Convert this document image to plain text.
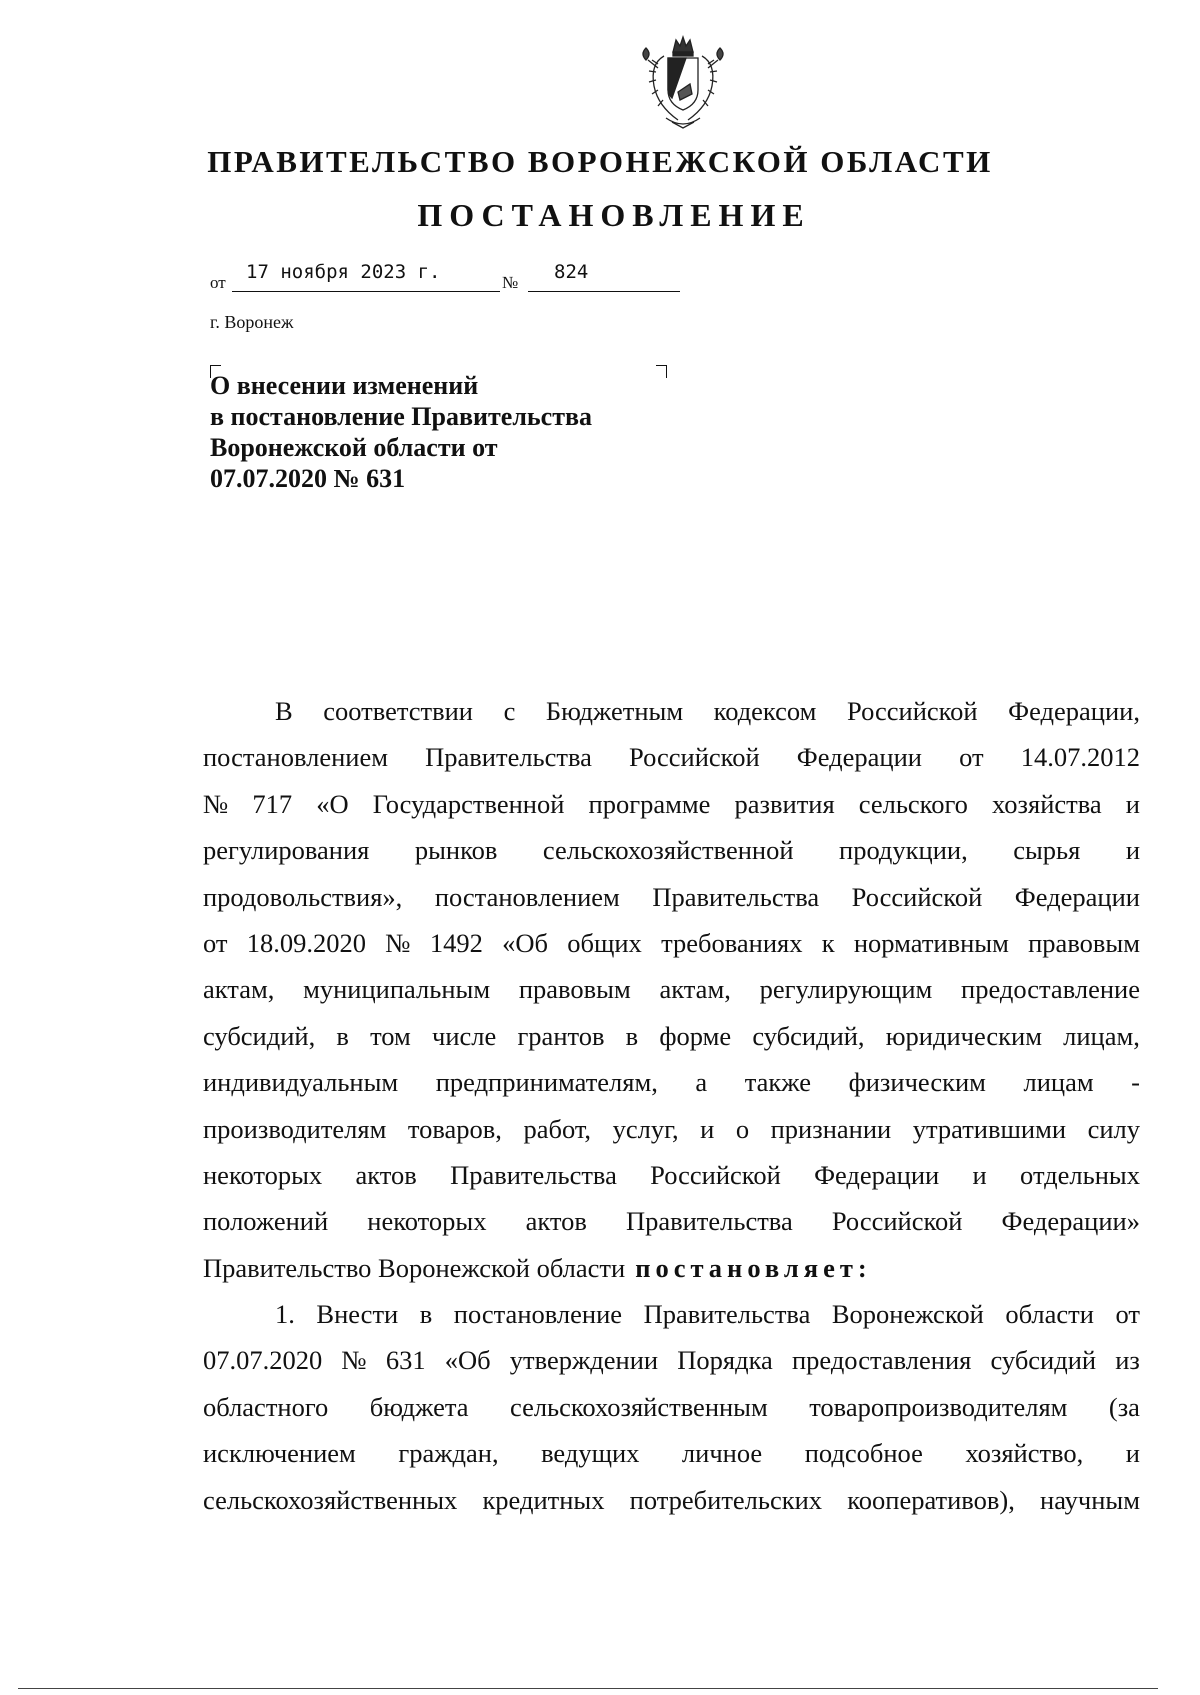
ПРАВИТЕЛЬСТВО ВОРОНЕЖСКОЙ ОБЛАСТИ
ПОСТАНОВЛЕНИЕ
от 17 ноября 2023 г.	№ 824
г. Воронеж
О внесении изменений
в постановление Правительства
Воронежской области от
07.07.2020 № 631
В соответствии с Бюджетным кодексом Российской Федерации,
постановлением Правительства Российской Федерации от 14.07.2012
№ 717 «О Государственной программе развития сельского хозяйства и
регулирования рынков сельскохозяйственной продукции, сырья и
продовольствия», постановлением Правительства Российской Федерации
от 18.09.2020 № 1492 «Об общих требованиях к нормативным правовым
актам, муниципальным правовым актам, регулирующим предоставление
субсидий, в том числе грантов в форме субсидий, юридическим лицам,
индивидуальным предпринимателям, а также физическим лицам -
производителям товаров, работ, услуг, и о признании утратившими силу
некоторых актов Правительства Российской Федерации и отдельных
положений некоторых актов Правительства Российской Федерации»
Правительство Воронежской области постановляет:
1. Внести в постановление Правительства Воронежской области от
07.07.2020 № 631 «Об утверждении Порядка предоставления субсидий из
областного бюджета сельскохозяйственным товаропроизводителям (за
исключением граждан, ведущих личное подсобное хозяйство, и
сельскохозяйственных кредитных потребительских кооперативов), научным
